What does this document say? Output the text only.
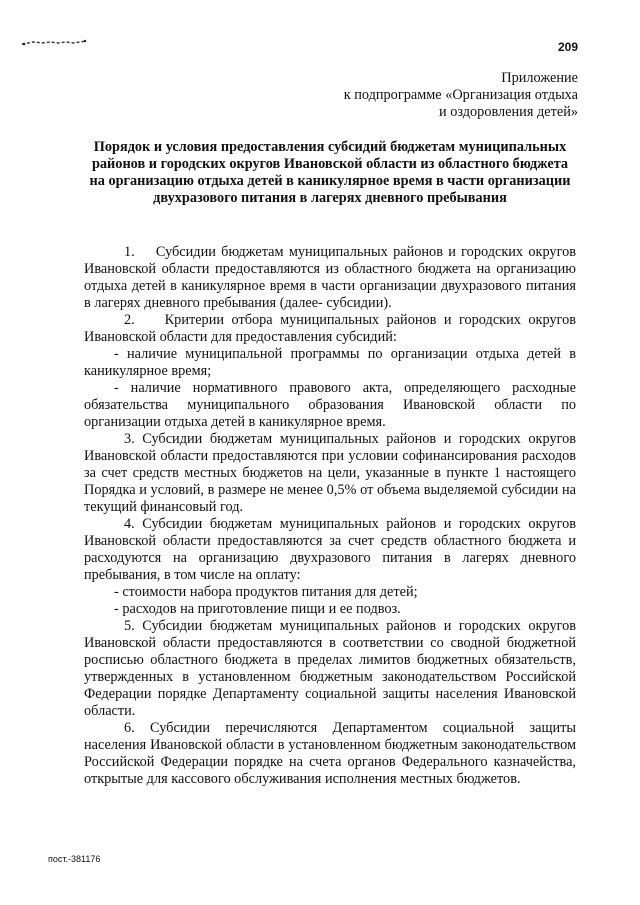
209
Приложение
к подпрограмме «Организация отдыха
и оздоровления детей»
Порядок и условия предоставления субсидий бюджетам муниципальных районов и городских округов Ивановской области из областного бюджета на организацию отдыха детей в каникулярное время в части организации двухразового питания в лагерях дневного пребывания

1.    Субсидии бюджетам муниципальных районов и городских округов Ивановской области предоставляются из областного бюджета на организацию отдыха детей в каникулярное время в части организации двухразового питания в лагерях дневного пребывания (далее- субсидии).

2.    Критерии отбора муниципальных районов и городских округов Ивановской области для предоставления субсидий:

- наличие муниципальной программы по организации отдыха детей в каникулярное время;

- наличие нормативного правового акта, определяющего расходные обязательства муниципального образования Ивановской области по организации отдыха детей в каникулярное время.

3. Субсидии бюджетам муниципальных районов и городских округов Ивановской области предоставляются при условии софинансирования расходов за счет средств местных бюджетов на цели, указанные в пункте 1 настоящего Порядка и условий, в размере не менее 0,5% от объема выделяемой субсидии на текущий финансовый год.

4. Субсидии бюджетам муниципальных районов и городских округов Ивановской области предоставляются за счет средств областного бюджета и расходуются на организацию двухразового питания в лагерях дневного пребывания, в том числе на оплату:

- стоимости набора продуктов питания для детей;

- расходов на приготовление пищи и ее подвоз.

5. Субсидии бюджетам муниципальных районов и городских округов Ивановской области предоставляются в соответствии со сводной бюджетной росписью областного бюджета в пределах лимитов бюджетных обязательств, утвержденных в установленном бюджетным законодательством Российской Федерации порядке Департаменту социальной защиты населения Ивановской области.

6. Субсидии перечисляются Департаментом социальной защиты населения Ивановской области в установленном бюджетным законодательством Российской Федерации порядке на счета органов Федерального казначейства, открытые для кассового обслуживания исполнения местных бюджетов.

пост.-381176
